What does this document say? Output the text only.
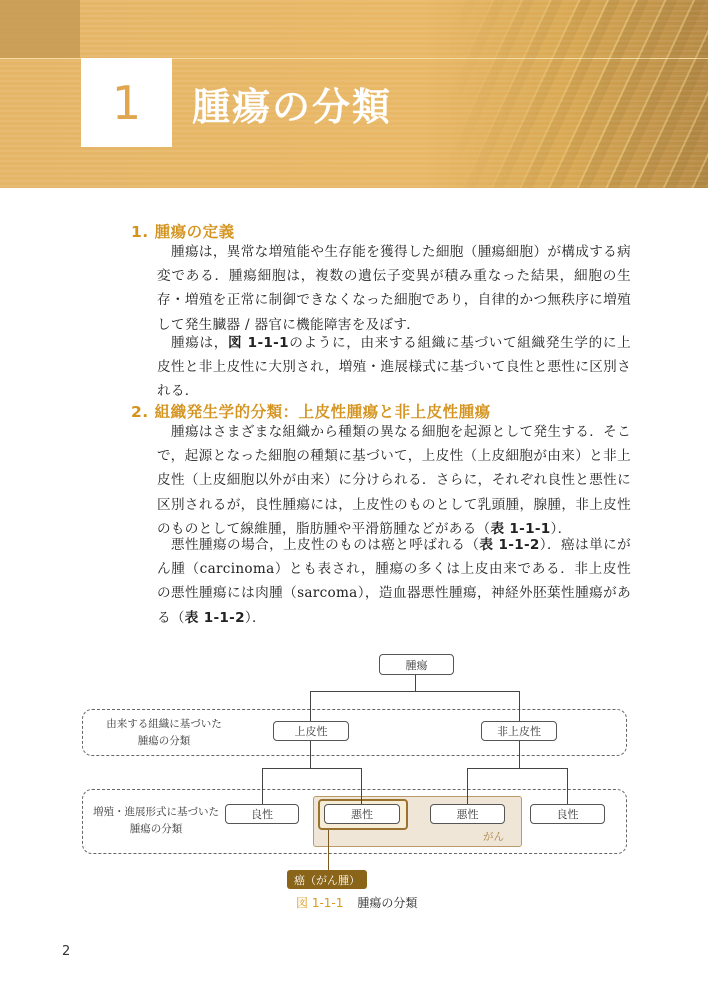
1 腫瘍の分類
1. 腫瘍の定義
腫瘍は，異常な増殖能や生存能を獲得した細胞（腫瘍細胞）が構成する病変である．腫瘍細胞は，複数の遺伝子変異が積み重なった結果，細胞の生存・増殖を正常に制御できなくなった細胞であり，自律的かつ無秩序に増殖して発生臓器 / 器官に機能障害を及ぼす．
腫瘍は，図 1-1-1のように，由来する組織に基づいて組織発生学的に上皮性と非上皮性に大別され，増殖・進展様式に基づいて良性と悪性に区別される．
2. 組織発生学的分類：上皮性腫瘍と非上皮性腫瘍
腫瘍はさまざまな組織から種類の異なる細胞を起源として発生する．そこで，起源となった細胞の種類に基づいて，上皮性（上皮細胞が由来）と非上皮性（上皮細胞以外が由来）に分けられる．さらに，それぞれ良性と悪性に区別されるが，良性腫瘍には，上皮性のものとして乳頭腫，腺腫，非上皮性のものとして線維腫，脂肪腫や平滑筋腫などがある（表 1-1-1）．
悪性腫瘍の場合，上皮性のものは癌と呼ばれる（表 1-1-2）．癌は単にがん腫（carcinoma）とも表され，腫瘍の多くは上皮由来である．非上皮性の悪性腫瘍には肉腫（sarcoma），造血器悪性腫瘍，神経外胚葉性腫瘍がある（表 1-1-2）．
由来する組織に基づいた
腫瘍の分類
増殖・進展形式に基づいた
腫瘍の分類
がん
腫瘍
上皮性	非上皮性
良性	悪性	悪性	良性
癌（がん腫）
図 1-1-1 腫瘍の分類
2
